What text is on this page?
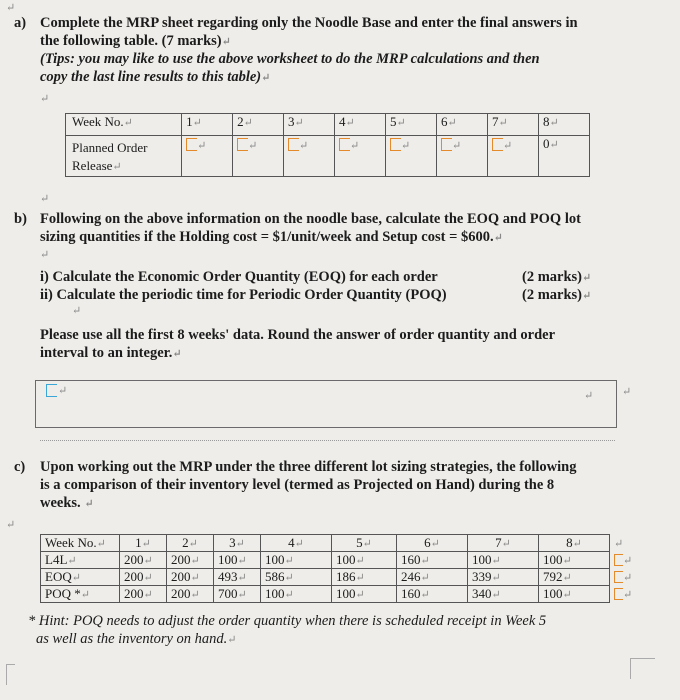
↵
a) Complete the MRP sheet regarding only the Noodle Base and enter the final answers in
the following table. (7 marks)↵
(Tips: you may like to use the above worksheet to do the MRP calculations and then
copy the last line results to this table)↵
↵
Week No.↵	1↵	2↵	3↵	4↵	5↵	6↵	7↵	8↵
Planned Order
Release↵	↵	↵	↵	↵	↵	↵	↵	0↵
↵
b) Following on the above information on the noodle base, calculate the EOQ and POQ lot
sizing quantities if the Holding cost = $1/unit/week and Setup cost = $600.↵
↵
i) Calculate the Economic Order Quantity (EOQ) for each order	(2 marks)↵
ii) Calculate the periodic time for Periodic Order Quantity (POQ)	(2 marks)↵
↵
Please use all the first 8 weeks' data. Round the answer of order quantity and order
interval to an integer.↵
↵	↵	↵
c) Upon working out the MRP under the three different lot sizing strategies, the following
is a comparison of their inventory level (termed as Projected on Hand) during the 8
weeks. ↵
↵
Week No.↵	1↵	2↵	3↵	4↵	5↵	6↵	7↵	8↵	↵
L4L↵	200↵	200↵	100↵	100↵	100↵	160↵	100↵	100↵	↵
EOQ↵	200↵	200↵	493↵	586↵	186↵	246↵	339↵	792↵	↵
POQ *↵	200↵	200↵	700↵	100↵	100↵	160↵	340↵	100↵	↵
* Hint: POQ needs to adjust the order quantity when there is scheduled receipt in Week 5
as well as the inventory on hand.↵
